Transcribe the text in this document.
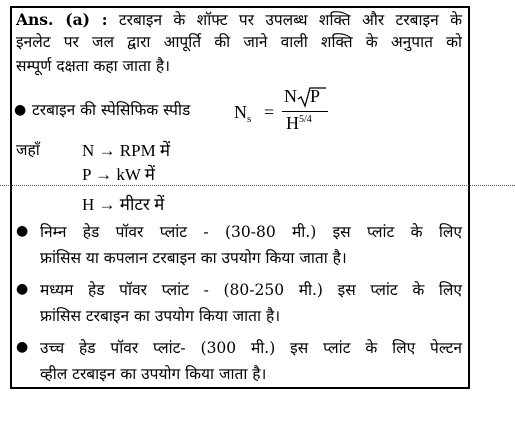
Ans. (a) : टरबाइन के शॉफ्ट पर उपलब्ध शक्ति और टरबाइन के
इनलेट पर जल द्वारा आपूर्ति की जाने वाली शक्ति के अनुपात को
सम्पूर्ण दक्षता कहा जाता है।
● टरबाइन की स्पेसिफिक स्पीड $N_s$ =
N P
$H^{5/4}$
जहाँ N → RPM में
P → kW में
H → मीटर में
● निम्न हेड पॉवर प्लांट - (30-80 मी.) इस प्लांट के लिए
फ्रांसिस या कपलान टरबाइन का उपयोग किया जाता है।
● मध्यम हेड पॉवर प्लांट - (80-250 मी.) इस प्लांट के लिए
फ्रांसिस टरबाइन का उपयोग किया जाता है।
● उच्च हेड पॉवर प्लांट- (300 मी.) इस प्लांट के लिए पेल्टन
व्हील टरबाइन का उपयोग किया जाता है।
